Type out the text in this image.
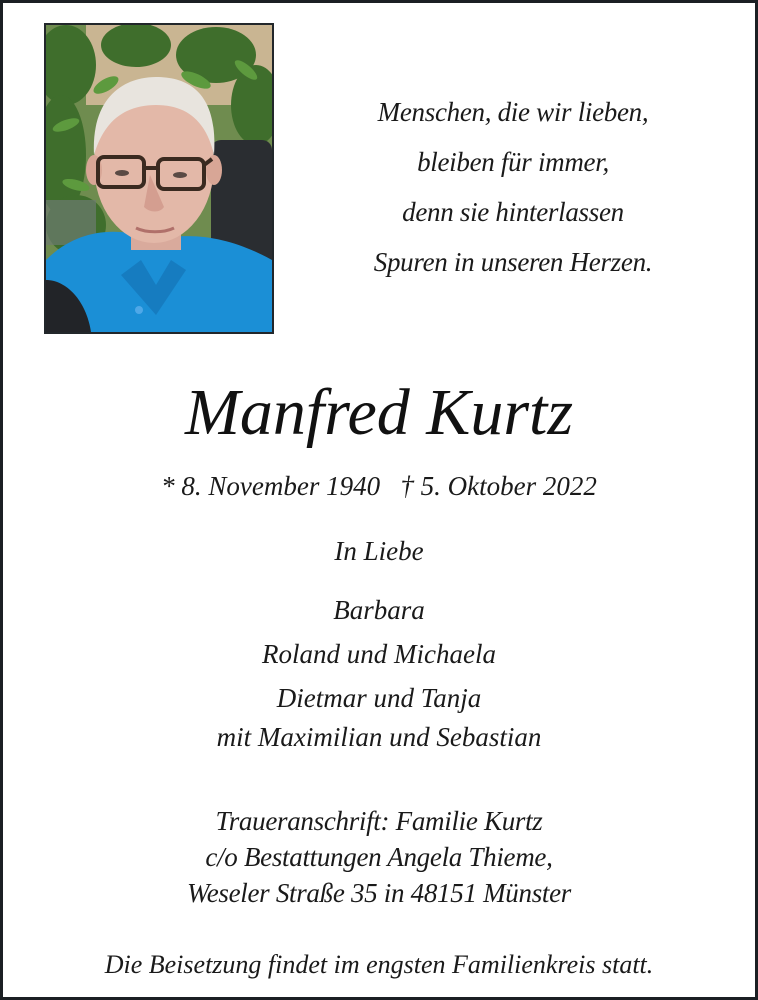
Menschen, die wir lieben,
bleiben für immer,
denn sie hinterlassen
Spuren in unseren Herzen.
Manfred Kurtz
* 8. November 1940   † 5. Oktober 2022
In Liebe
Barbara
Roland und Michaela
Dietmar und Tanja
mit Maximilian und Sebastian
Traueranschrift: Familie Kurtz
c/o Bestattungen Angela Thieme,
Weseler Straße 35 in 48151 Münster
Die Beisetzung findet im engsten Familienkreis statt.
